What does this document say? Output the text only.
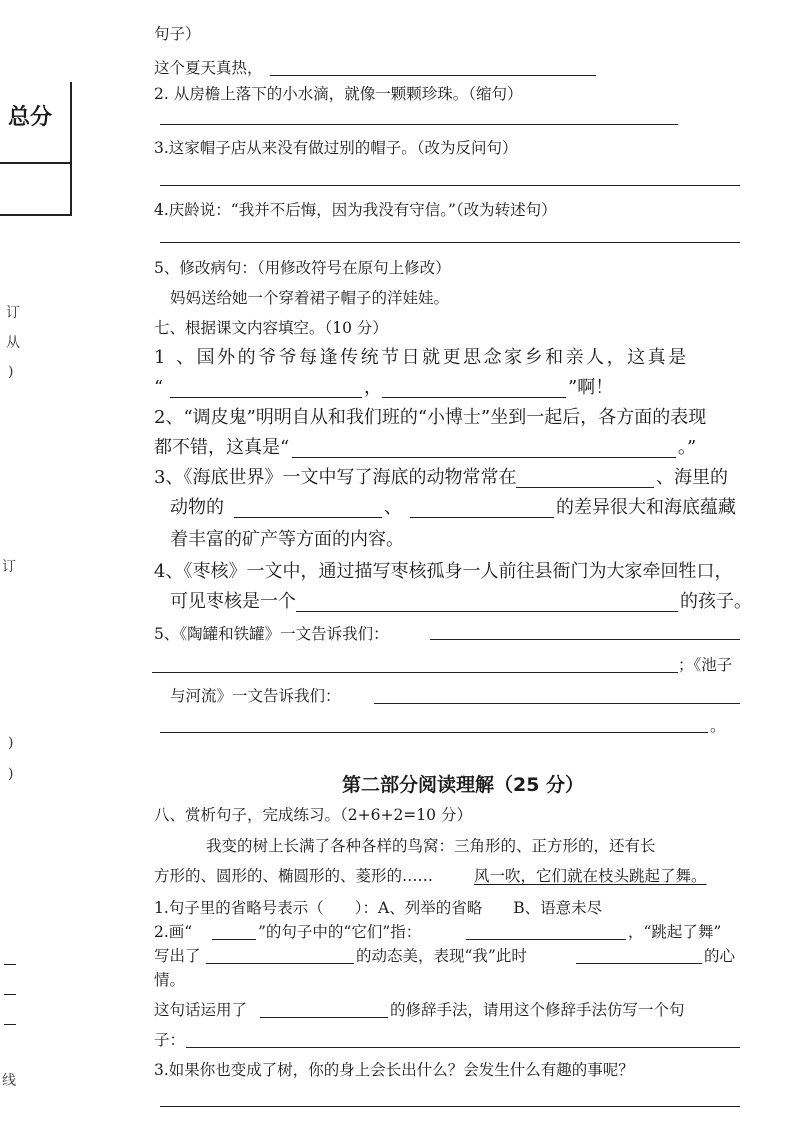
总分
订
从
)
订
)
)
线
句子）
这个夏天真热，
2. 从房檐上落下的小水滴，就像一颗颗珍珠。（缩句）
3.这家帽子店从来没有做过别的帽子。（改为反问句）
4.庆龄说：“我并不后悔，因为我没有守信。”（改为转述句）
5、修改病句：（用修改符号在原句上修改）
妈妈送给她一个穿着裙子帽子的洋娃娃。
七、根据课文内容填空。（10 分）
1 、国外的爷爷每逢传统节日就更思念家乡和亲人，这真是
“	，	”啊！
2、“调皮鬼”明明自从和我们班的“小博士”坐到一起后，各方面的表现
都不错，这真是“	。”
3、《海底世界》一文中写了海底的动物常常在	、海里的
动物的	、	的差异很大和海底蕴藏
着丰富的矿产等方面的内容。
4、《枣核》一文中，通过描写枣核孤身一人前往县衙门为大家牵回牲口，
可见枣核是一个	的孩子。
5、《陶罐和铁罐》一文告诉我们：
；《池子
与河流》一文告诉我们：
。
第二部分阅读理解（25 分）
八、赏析句子，完成练习。（2+6+2=10 分）
我变的树上长满了各种各样的鸟窝：三角形的、正方形的，还有长
方形的、圆形的、椭圆形的、菱形的……	风一吹，它们就在枝头跳起了舞。
1.句子里的省略号表示（　　）：A、列举的省略　　B、语意未尽
2.画“	”的句子中的“它们”指：	，“跳起了舞”
写出了	的动态美，表现“我”此时	的心
情。
这句话运用了	的修辞手法，请用这个修辞手法仿写一个句
子：
3.如果你也变成了树，你的身上会长出什么？会发生什么有趣的事呢？
